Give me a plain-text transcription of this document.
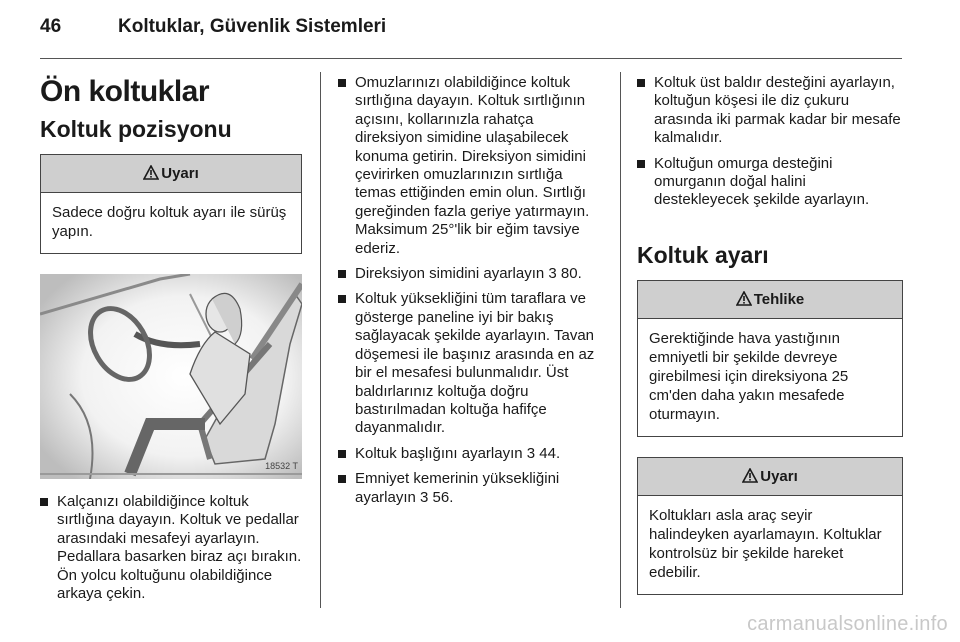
46	Koltuklar, Güvenlik Sistemleri
Ön koltuklar
Koltuk pozisyonu
Uyarı
Sadece doğru koltuk ayarı ile sürüş yapın.
18532 T
Kalçanızı olabildiğince koltuk sırtlığına dayayın. Koltuk ve pedallar arasındaki mesafeyi ayarlayın. Pedallara basarken biraz açı bırakın. Ön yolcu koltuğunu olabildiğince arkaya çekin.
Omuzlarınızı olabildiğince koltuk sırtlığına dayayın. Koltuk sırtlığının açısını, kollarınızla rahatça direksiyon simidine ulaşabilecek konuma getirin. Direksiyon simidini çevirirken omuzlarınızın sırtlığa temas ettiğinden emin olun. Sırtlığı gereğinden fazla geriye yatırmayın. Maksimum 25°'lik bir eğim tavsiye ederiz.
Direksiyon simidini ayarlayın 3 80.
Koltuk yüksekliğini tüm taraflara ve gösterge paneline iyi bir bakış sağlayacak şekilde ayarlayın. Tavan döşemesi ile başınız arasında en az bir el mesafesi bulunmalıdır. Üst baldırlarınız koltuğa doğru bastırılmadan koltuğa hafifçe dayanmalıdır.
Koltuk başlığını ayarlayın 3 44.
Emniyet kemerinin yüksekliğini ayarlayın 3 56.
Koltuk üst baldır desteğini ayarlayın, koltuğun köşesi ile diz çukuru arasında iki parmak kadar bir mesafe kalmalıdır.
Koltuğun omurga desteğini omurganın doğal halini destekleyecek şekilde ayarlayın.
Koltuk ayarı
Tehlike
Gerektiğinde hava yastığının emniyetli bir şekilde devreye girebilmesi için direksiyona 25 cm'den daha yakın mesafede oturmayın.
Uyarı
Koltukları asla araç seyir halindeyken ayarlamayın. Koltuklar kontrolsüz bir şekilde hareket edebilir.
carmanualsonline.info
